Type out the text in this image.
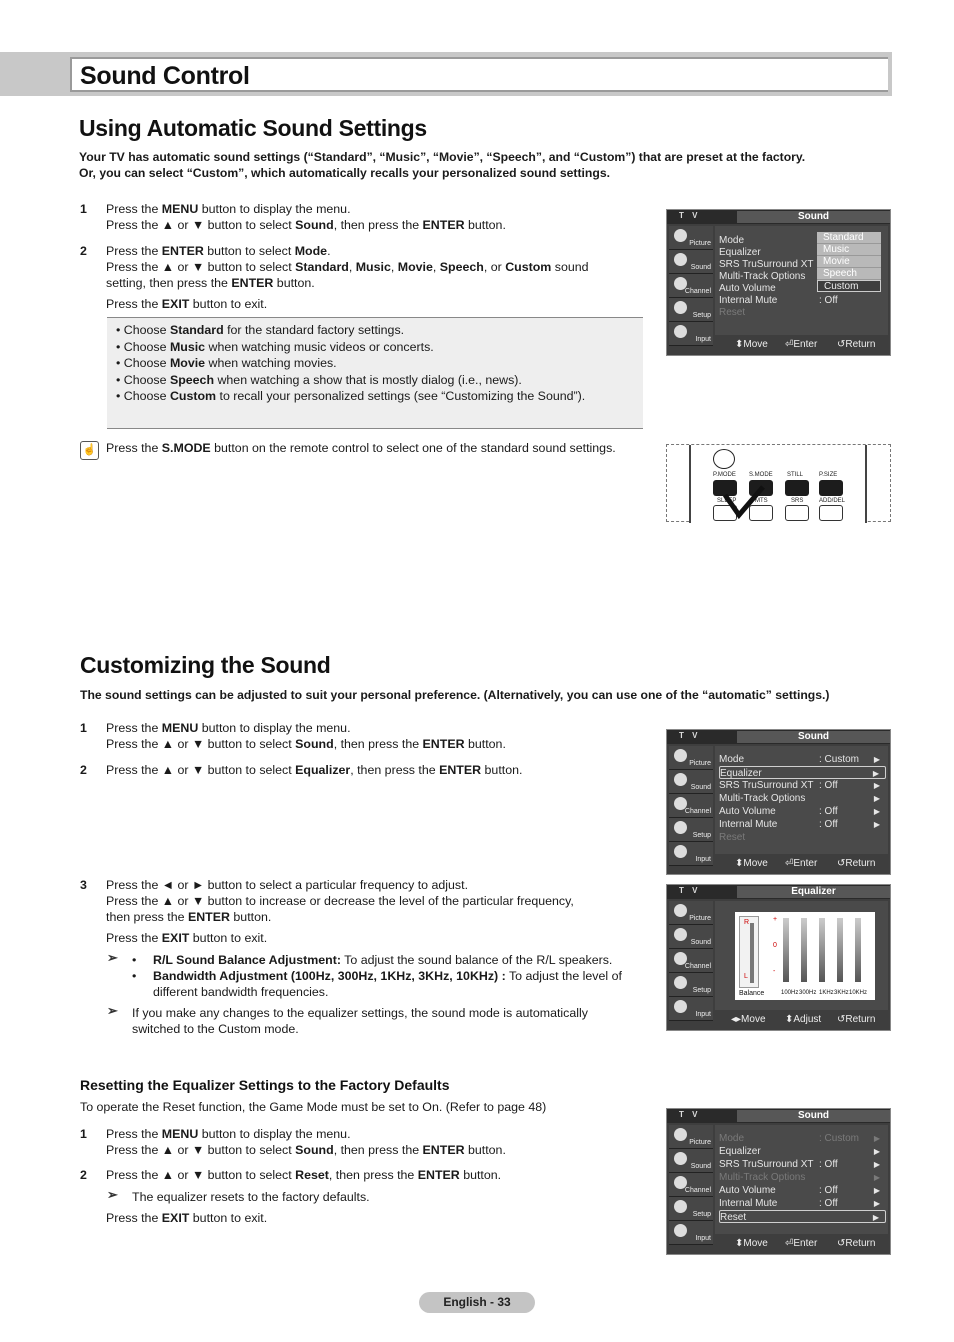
Sound Control
Using Automatic Sound Settings
Your TV has automatic sound settings (“Standard”, “Music”, “Movie”, “Speech”, and “Custom”) that are preset at the factory.
Or, you can select “Custom”, which automatically recalls your personalized sound settings.
1 Press the MENU button to display the menu.
Press the ▲ or ▼ button to select Sound, then press the ENTER button.
2 Press the ENTER button to select Mode.
Press the ▲ or ▼ button to select Standard, Music, Movie, Speech, or Custom sound
setting, then press the ENTER button.
Press the EXIT button to exit.
• Choose Standard for the standard factory settings.
• Choose Music when watching music videos or concerts.
• Choose Movie when watching movies.
• Choose Speech when watching a show that is mostly dialog (i.e., news).
• Choose Custom to recall your personalized settings (see “Customizing the Sound”).
☝ Press the S.MODE button on the remote control to select one of the standard sound settings.
T V	Sound
Picture
Sound
Channel
Setup
Input
Mode
Equalizer
SRS TruSurround XT
Multi-Track Options
Auto Volume
Internal Mute	: Off
Reset
Standard
Music
Movie
Speech
Custom
⬍ Move ⏎ Enter ↺ Return
P.MODE S.MODE STILL	P.SIZE
SLEEP	MTS	SRS	ADD/DEL
Customizing the Sound
The sound settings can be adjusted to suit your personal preference. (Alternatively, you can use one of the “automatic” settings.)
1 Press the MENU button to display the menu.
Press the ▲ or ▼ button to select Sound, then press the ENTER button.
2 Press the ▲ or ▼ button to select Equalizer, then press the ENTER button.
3 Press the ◄ or ► button to select a particular frequency to adjust.
Press the ▲ or ▼ button to increase or decrease the level of the particular frequency,
then press the ENTER button.
Press the EXIT button to exit.
➢ • R/L Sound Balance Adjustment: To adjust the sound balance of the R/L speakers.
• Bandwidth Adjustment (100Hz, 300Hz, 1KHz, 3KHz, 10KHz) : To adjust the level of different bandwidth frequencies.
➢ If you make any changes to the equalizer settings, the sound mode is automatically switched to the Custom mode.
T V	Sound
Picture
Sound
Channel
Setup
Input
Mode	: Custom ▶
Equalizer	▶
SRS TruSurround XT : Off	▶
Multi-Track Options	▶
Auto Volume	: Off	▶
Internal Mute	: Off	▶
Reset
⬍ Move ⏎ Enter ↺ Return
T V	Equalizer
Picture
Sound
Channel
Setup
Input
R
L
+
0
-
Balance	100Hz 300Hz 1KHz 3KHz 10KHz
◂▸ Move ⬍ Adjust ↺ Return
Resetting the Equalizer Settings to the Factory Defaults
To operate the Reset function, the Game Mode must be set to On. (Refer to page 48)
1 Press the MENU button to display the menu.
Press the ▲ or ▼ button to select Sound, then press the ENTER button.
2 Press the ▲ or ▼ button to select Reset, then press the ENTER button.
➢ The equalizer resets to the factory defaults.
Press the EXIT button to exit.
T V	Sound
Picture
Sound
Channel
Setup
Input
Mode	: Custom ▶
Equalizer	▶
SRS TruSurround XT : Off	▶
Multi-Track Options	▶
Auto Volume	: Off	▶
Internal Mute	: Off	▶
Reset	▶
⬍ Move ⏎ Enter ↺ Return
English - 33
